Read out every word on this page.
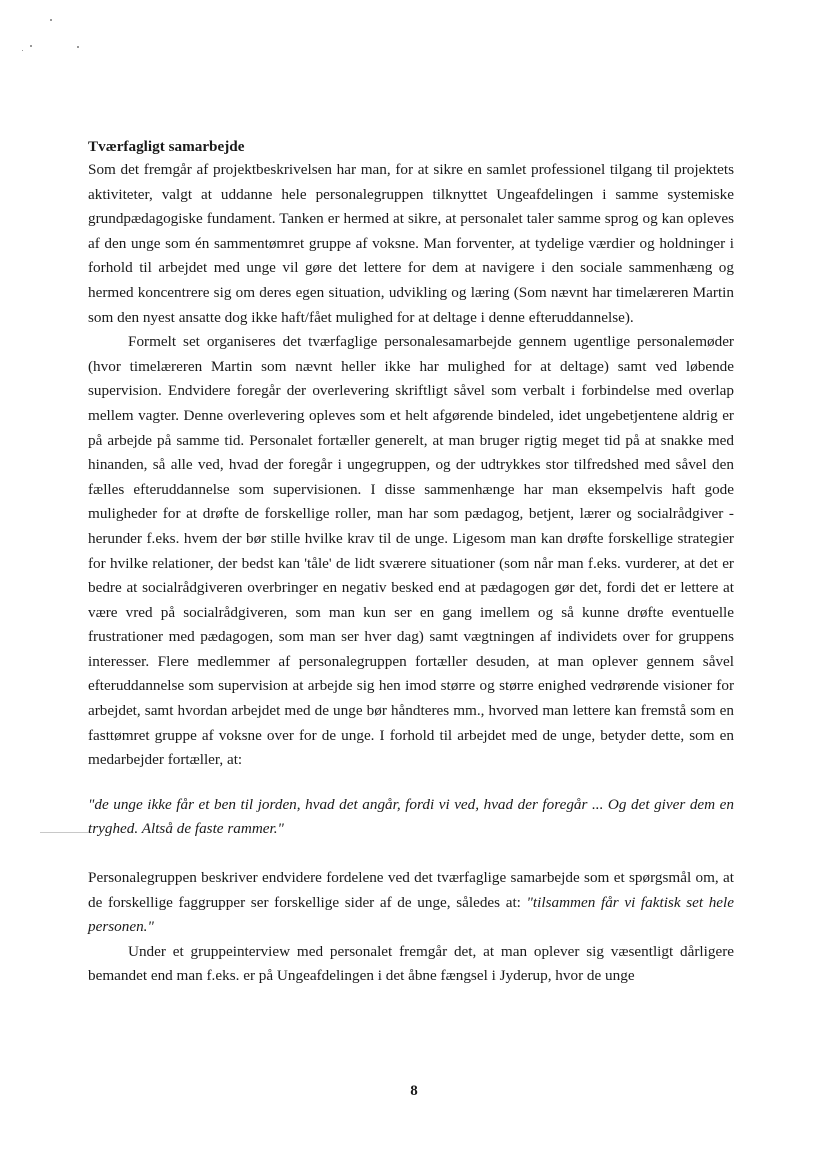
Tværfagligt samarbejde

Som det fremgår af projektbeskrivelsen har man, for at sikre en samlet professionel tilgang til projektets aktiviteter, valgt at uddanne hele personalegruppen tilknyttet Ungeafdelingen i samme systemiske grundpædagogiske fundament. Tanken er hermed at sikre, at personalet taler samme sprog og kan opleves af den unge som én sammentømret gruppe af voksne. Man forventer, at tydelige værdier og holdninger i forhold til arbejdet med unge vil gøre det lettere for dem at navigere i den sociale sammenhæng og hermed koncentrere sig om deres egen situation, udvikling og læring (Som nævnt har timelæreren Martin som den nyest ansatte dog ikke haft/fået mulighed for at deltage i denne efteruddannelse).

Formelt set organiseres det tværfaglige personalesamarbejde gennem ugentlige personalemøder (hvor timelæreren Martin som nævnt heller ikke har mulighed for at deltage) samt ved løbende supervision. Endvidere foregår der overlevering skriftligt såvel som verbalt i forbindelse med overlap mellem vagter. Denne overlevering opleves som et helt afgørende bindeled, idet ungebetjentene aldrig er på arbejde på samme tid. Personalet fortæller generelt, at man bruger rigtig meget tid på at snakke med hinanden, så alle ved, hvad der foregår i ungegruppen, og der udtrykkes stor tilfredshed med såvel den fælles efteruddannelse som supervisionen. I disse sammenhænge har man eksempelvis haft gode muligheder for at drøfte de forskellige roller, man har som pædagog, betjent, lærer og socialrådgiver - herunder f.eks. hvem der bør stille hvilke krav til de unge. Ligesom man kan drøfte forskellige strategier for hvilke relationer, der bedst kan 'tåle' de lidt sværere situationer (som når man f.eks. vurderer, at det er bedre at socialrådgiveren overbringer en negativ besked end at pædagogen gør det, fordi det er lettere at være vred på socialrådgiveren, som man kun ser en gang imellem og så kunne drøfte eventuelle frustrationer med pædagogen, som man ser hver dag) samt vægtningen af individets over for gruppens interesser. Flere medlemmer af personalegruppen fortæller desuden, at man oplever gennem såvel efteruddannelse som supervision at arbejde sig hen imod større og større enighed vedrørende visioner for arbejdet, samt hvordan arbejdet med de unge bør håndteres mm., hvorved man lettere kan fremstå som en fasttømret gruppe af voksne over for de unge. I forhold til arbejdet med de unge, betyder dette, som en medarbejder fortæller, at:

"de unge ikke får et ben til jorden, hvad det angår, fordi vi ved, hvad der foregår ... Og det giver dem en tryghed. Altså de faste rammer."

Personalegruppen beskriver endvidere fordelene ved det tværfaglige samarbejde som et spørgsmål om, at de forskellige faggrupper ser forskellige sider af de unge, således at: "tilsammen får vi faktisk set hele personen."

Under et gruppeinterview med personalet fremgår det, at man oplever sig væsentligt dårligere bemandet end man f.eks. er på Ungeafdelingen i det åbne fængsel i Jyderup, hvor de unge

8
